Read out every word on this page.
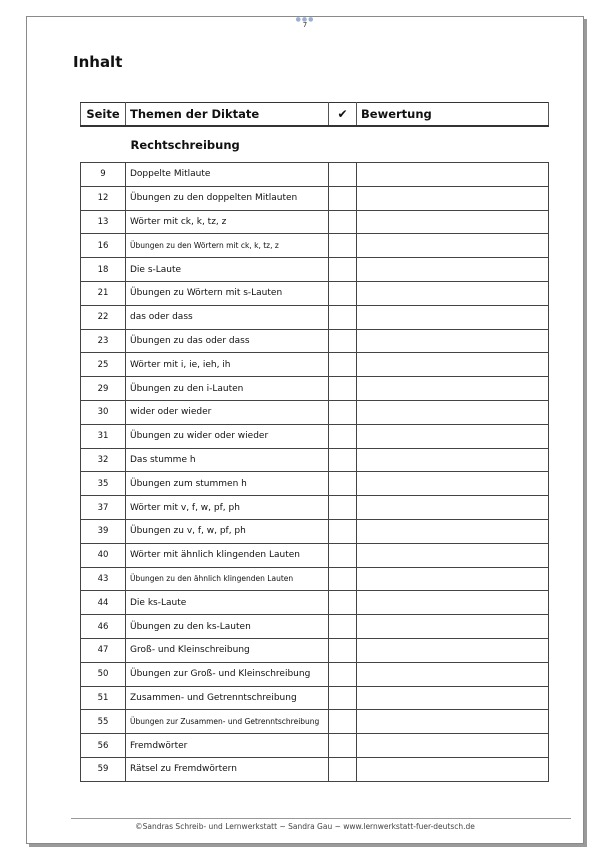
●●●
7
Inhalt
Seite	Themen der Diktate	✔	Bewertung
	Rechtschreibung		
9	Doppelte Mitlaute		
12	Übungen zu den doppelten Mitlauten		
13	Wörter mit ck, k, tz, z		
16	Übungen zu den Wörtern mit ck, k, tz, z		
18	Die s-Laute		
21	Übungen zu Wörtern mit s-Lauten		
22	das oder dass		
23	Übungen zu das oder dass		
25	Wörter mit i, ie, ieh, ih		
29	Übungen zu den i-Lauten		
30	wider oder wieder		
31	Übungen zu wider oder wieder		
32	Das stumme h		
35	Übungen zum stummen h		
37	Wörter mit v, f, w, pf, ph		
39	Übungen zu v, f, w, pf, ph		
40	Wörter mit ähnlich klingenden Lauten		
43	Übungen zu den ähnlich klingenden Lauten		
44	Die ks-Laute		
46	Übungen zu den ks-Lauten		
47	Groß- und Kleinschreibung		
50	Übungen zur Groß- und Kleinschreibung		
51	Zusammen- und Getrenntschreibung		
55	Übungen zur Zusammen- und Getrenntschreibung		
56	Fremdwörter		
59	Rätsel zu Fremdwörtern		
©Sandras Schreib- und Lernwerkstatt ~ Sandra Gau ~ www.lernwerkstatt-fuer-deutsch.de
